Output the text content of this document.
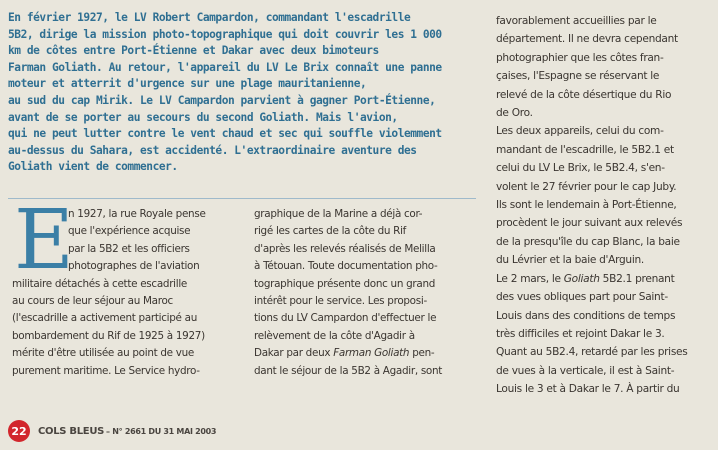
En février 1927, le LV Robert Campardon, commandant l'escadrille
5B2, dirige la mission photo-topographique qui doit couvrir les 1 000
km de côtes entre Port-Étienne et Dakar avec deux bimoteurs
Farman Goliath. Au retour, l'appareil du LV Le Brix connaît une panne
moteur et atterrit d'urgence sur une plage mauritanienne,
au sud du cap Mirik. Le LV Campardon parvient à gagner Port-Étienne,
avant de se porter au secours du second Goliath. Mais l'avion,
qui ne peut lutter contre le vent chaud et sec qui souffle violemment
au-dessus du Sahara, est accidenté. L'extraordinaire aventure des
Goliath vient de commencer.
E
n 1927, la rue Royale pense
que l'expérience acquise
par la 5B2 et les officiers
photographes de l'aviation
militaire détachés à cette escadrille
au cours de leur séjour au Maroc
(l'escadrille a activement participé au
bombardement du Rif de 1925 à 1927)
mérite d'être utilisée au point de vue
purement maritime. Le Service hydro-
graphique de la Marine a déjà cor-
rigé les cartes de la côte du Rif
d'après les relevés réalisés de Melilla
à Tétouan. Toute documentation pho-
tographique présente donc un grand
intérêt pour le service. Les proposi-
tions du LV Campardon d'effectuer le
relèvement de la côte d'Agadir à
Dakar par deux Farman Goliath pen-
dant le séjour de la 5B2 à Agadir, sont
favorablement accueillies par le
département. Il ne devra cependant
photographier que les côtes fran-
çaises, l'Espagne se réservant le
relevé de la côte désertique du Rio
de Oro.
Les deux appareils, celui du com-
mandant de l'escadrille, le 5B2.1 et
celui du LV Le Brix, le 5B2.4, s'en-
volent le 27 février pour le cap Juby.
Ils sont le lendemain à Port-Étienne,
procèdent le jour suivant aux relevés
de la presqu'île du cap Blanc, la baie
du Lévrier et la baie d'Arguin.
Le 2 mars, le Goliath 5B2.1 prenant
des vues obliques part pour Saint-
Louis dans des conditions de temps
très difficiles et rejoint Dakar le 3.
Quant au 5B2.4, retardé par les prises
de vues à la verticale, il est à Saint-
Louis le 3 et à Dakar le 7. À partir du
22	COLS BLEUS – N° 2661 DU 31 MAI 2003
